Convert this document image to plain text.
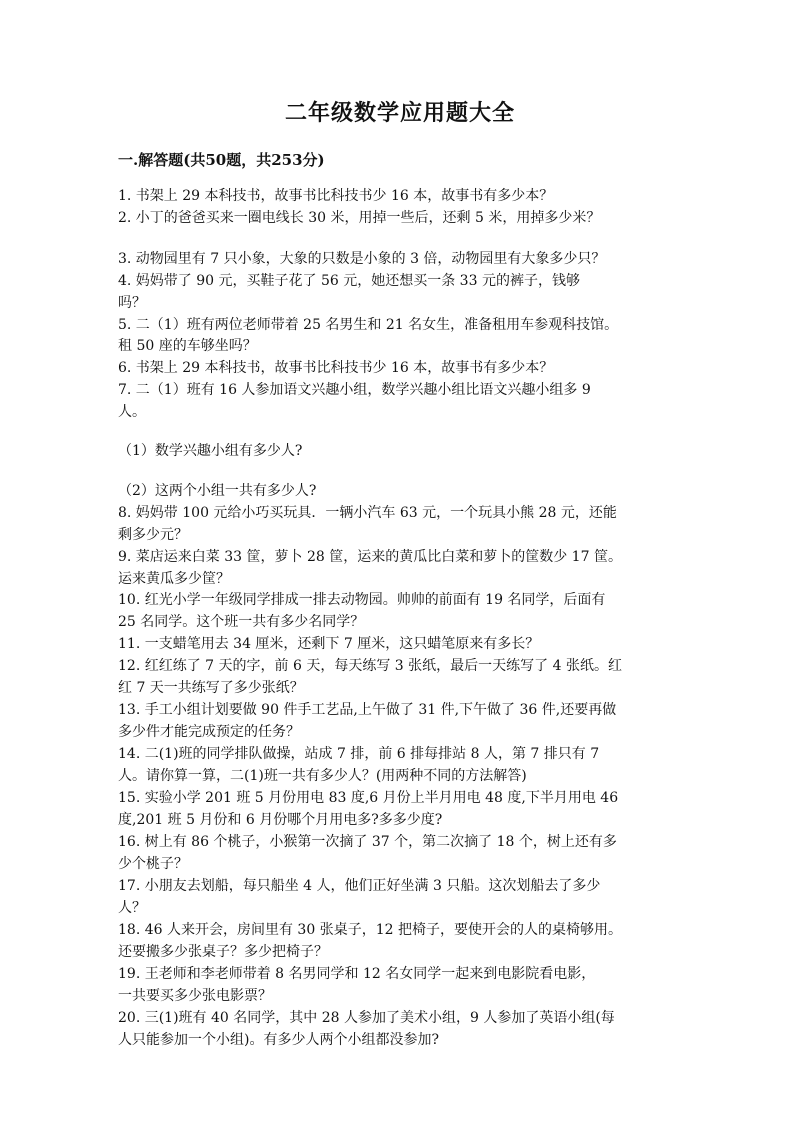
二年级数学应用题大全
一.解答题(共50题，共253分)

1. 书架上 29 本科技书，故事书比科技书少 16 本，故事书有多少本？

2. 小丁的爸爸买来一圈电线长 30 米，用掉一些后，还剩 5 米，用掉多少米？

3. 动物园里有 7 只小象，大象的只数是小象的 3 倍，动物园里有大象多少只？

4. 妈妈带了 90 元，买鞋子花了 56 元，她还想买一条 33 元的裤子，钱够

吗？

5. 二（1）班有两位老师带着 25 名男生和 21 名女生，准备租用车参观科技馆。

租 50 座的车够坐吗？

6. 书架上 29 本科技书，故事书比科技书少 16 本，故事书有多少本？

7. 二（1）班有 16 人参加语文兴趣小组，数学兴趣小组比语文兴趣小组多 9

人。

（1）数学兴趣小组有多少人?

（2）这两个小组一共有多少人?

8. 妈妈带 100 元给小巧买玩具．一辆小汽车 63 元，一个玩具小熊 28 元，还能

剩多少元？

9. 菜店运来白菜 33 筐，萝卜 28 筐，运来的黄瓜比白菜和萝卜的筐数少 17 筐。

运来黄瓜多少筐？

10. 红光小学一年级同学排成一排去动物园。帅帅的前面有 19 名同学，后面有

25 名同学。这个班一共有多少名同学？

11. 一支蜡笔用去 34 厘米，还剩下 7 厘米，这只蜡笔原来有多长？

12. 红红练了 7 天的字，前 6 天，每天练写 3 张纸，最后一天练写了 4 张纸。红

红 7 天一共练写了多少张纸？

13. 手工小组计划要做 90 件手工艺品,上午做了 31 件,下午做了 36 件,还要再做

多少件才能完成预定的任务？

14. 二(1)班的同学排队做操，站成 7 排，前 6 排每排站 8 人，第 7 排只有 7

人。请你算一算，二(1)班一共有多少人？(用两种不同的方法解答)

15. 实验小学 201 班 5 月份用电 83 度,6 月份上半月用电 48 度,下半月用电 46

度,201 班 5 月份和 6 月份哪个月用电多?多多少度?

16. 树上有 86 个桃子，小猴第一次摘了 37 个，第二次摘了 18 个，树上还有多

少个桃子？

17. 小朋友去划船，每只船坐 4 人，他们正好坐满 3 只船。这次划船去了多少

人？

18. 46 人来开会，房间里有 30 张桌子，12 把椅子，要使开会的人的桌椅够用。

还要搬多少张桌子？多少把椅子？

19. 王老师和李老师带着 8 名男同学和 12 名女同学一起来到电影院看电影，

一共要买多少张电影票？

20. 三(1)班有 40 名同学，其中 28 人参加了美术小组，9 人参加了英语小组(每

人只能参加一个小组)。有多少人两个小组都没参加?
